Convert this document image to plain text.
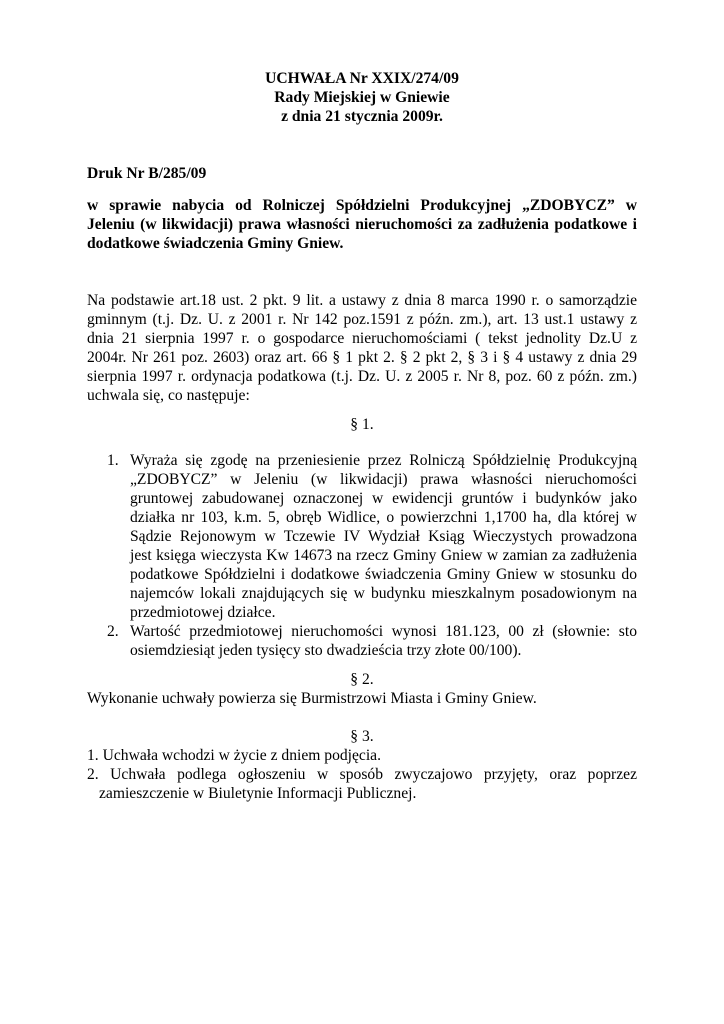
UCHWAŁA Nr XXIX/274/09
Rady Miejskiej w Gniewie
z dnia 21 stycznia 2009r.
Druk Nr B/285/09
w sprawie nabycia od Rolniczej Spółdzielni Produkcyjnej „ZDOBYCZ” w
Jeleniu (w likwidacji) prawa własności nieruchomości za zadłużenia podatkowe i
dodatkowe świadczenia Gminy Gniew.
Na podstawie art.18 ust. 2 pkt. 9 lit. a ustawy z dnia 8 marca 1990 r. o samorządzie
gminnym (t.j. Dz. U. z 2001 r. Nr 142 poz.1591 z późn. zm.), art. 13 ust.1 ustawy z
dnia 21 sierpnia 1997 r. o gospodarce nieruchomościami ( tekst jednolity Dz.U z
2004r. Nr 261 poz. 2603) oraz art. 66 § 1 pkt 2. § 2 pkt 2, § 3 i § 4 ustawy z dnia 29
sierpnia 1997 r. ordynacja podatkowa (t.j. Dz. U. z 2005 r. Nr 8, poz. 60 z późn. zm.)
uchwala się, co następuje:
§ 1.
1. Wyraża się zgodę na przeniesienie przez Rolniczą Spółdzielnię Produkcyjną
„ZDOBYCZ” w Jeleniu (w likwidacji) prawa własności nieruchomości
gruntowej zabudowanej oznaczonej w ewidencji gruntów i budynków jako
działka nr 103, k.m. 5, obręb Widlice, o powierzchni 1,1700 ha, dla której w
Sądzie Rejonowym w Tczewie IV Wydział Ksiąg Wieczystych prowadzona
jest księga wieczysta Kw 14673 na rzecz Gminy Gniew w zamian za zadłużenia
podatkowe Spółdzielni i dodatkowe świadczenia Gminy Gniew w stosunku do
najemców lokali znajdujących się w budynku mieszkalnym posadowionym na
przedmiotowej działce.
2. Wartość przedmiotowej nieruchomości wynosi 181.123, 00 zł (słownie: sto
osiemdziesiąt jeden tysięcy sto dwadzieścia trzy złote 00/100).
§ 2.
Wykonanie uchwały powierza się Burmistrzowi Miasta i Gminy Gniew.
§ 3.
1. Uchwała wchodzi w życie z dniem podjęcia.
2. Uchwała podlega ogłoszeniu w sposób zwyczajowo przyjęty, oraz poprzez
zamieszczenie w Biuletynie Informacji Publicznej.
